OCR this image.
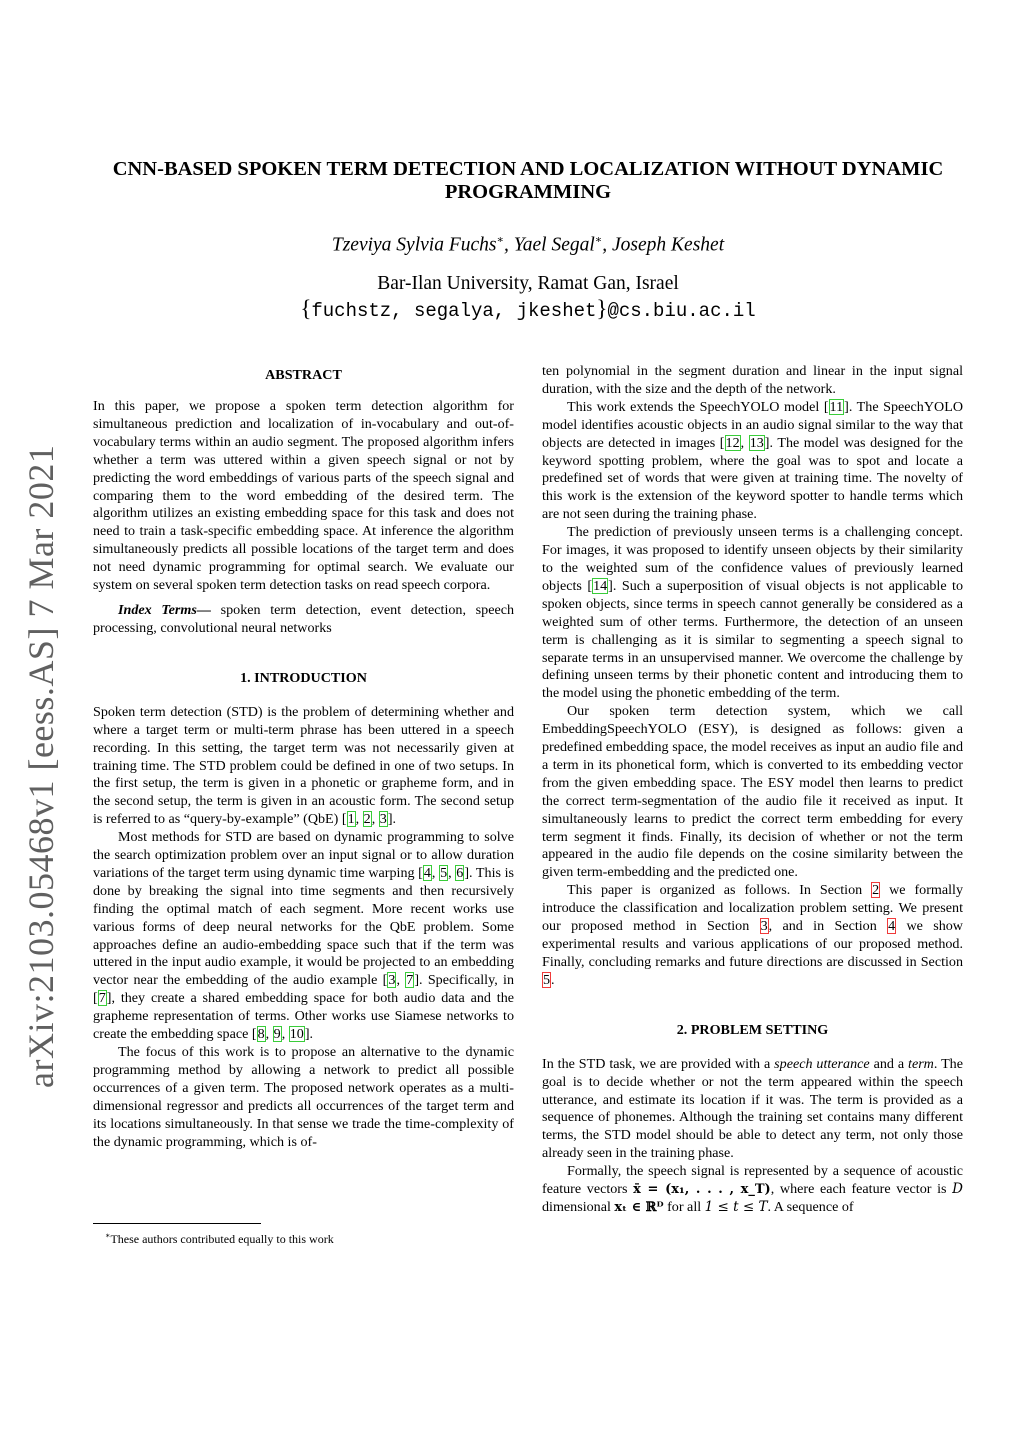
arXiv:2103.05468v1 [eess.AS] 7 Mar 2021
CNN-BASED SPOKEN TERM DETECTION AND LOCALIZATION WITHOUT DYNAMIC
PROGRAMMING
Tzeviya Sylvia Fuchs∗, Yael Segal∗, Joseph Keshet
Bar-Ilan University, Ramat Gan, Israel
{fuchstz, segalya, jkeshet}@cs.biu.ac.il
ABSTRACT

In this paper, we propose a spoken term detection algorithm for simultaneous prediction and localization of in-vocabulary and out-of-vocabulary terms within an audio segment. The proposed algorithm infers whether a term was uttered within a given speech signal or not by predicting the word embeddings of various parts of the speech signal and comparing them to the word embedding of the desired term. The algorithm utilizes an existing embedding space for this task and does not need to train a task-specific embedding space. At inference the algorithm simultaneously predicts all possible locations of the target term and does not need dynamic programming for optimal search. We evaluate our system on several spoken term detection tasks on read speech corpora.

Index Terms— spoken term detection, event detection, speech processing, convolutional neural networks

1. INTRODUCTION

Spoken term detection (STD) is the problem of determining whether and where a target term or multi-term phrase has been uttered in a speech recording. In this setting, the target term was not necessarily given at training time. The STD problem could be defined in one of two setups. In the first setup, the term is given in a phonetic or grapheme form, and in the second setup, the term is given in an acoustic form. The second setup is referred to as “query-by-example” (QbE) [1, 2, 3].

Most methods for STD are based on dynamic programming to solve the search optimization problem over an input signal or to allow duration variations of the target term using dynamic time warping [4, 5, 6]. This is done by breaking the signal into time segments and then recursively finding the optimal match of each segment. More recent works use various forms of deep neural networks for the QbE problem. Some approaches define an audio-embedding space such that if the term was uttered in the input audio example, it would be projected to an embedding vector near the embedding of the audio example [3, 7]. Specifically, in [7], they create a shared embedding space for both audio data and the grapheme representation of terms. Other works use Siamese networks to create the embedding space [8, 9, 10].

The focus of this work is to propose an alternative to the dynamic programming method by allowing a network to predict all possible occurrences of a given term. The proposed network operates as a multi-dimensional regressor and predicts all occurrences of the target term and its locations simultaneously. In that sense we trade the time-complexity of the dynamic programming, which is of-

∗These authors contributed equally to this work

ten polynomial in the segment duration and linear in the input signal duration, with the size and the depth of the network.

This work extends the SpeechYOLO model [11]. The SpeechYOLO model identifies acoustic objects in an audio signal similar to the way that objects are detected in images [12, 13]. The model was designed for the keyword spotting problem, where the goal was to spot and locate a predefined set of words that were given at training time. The novelty of this work is the extension of the keyword spotter to handle terms which are not seen during the training phase.

The prediction of previously unseen terms is a challenging concept. For images, it was proposed to identify unseen objects by their similarity to the weighted sum of the confidence values of previously learned objects [14]. Such a superposition of visual objects is not applicable to spoken objects, since terms in speech cannot generally be considered as a weighted sum of other terms. Furthermore, the detection of an unseen term is challenging as it is similar to segmenting a speech signal to separate terms in an unsupervised manner. We overcome the challenge by defining unseen terms by their phonetic content and introducing them to the model using the phonetic embedding of the term.

Our spoken term detection system, which we call EmbeddingSpeechYOLO (ESY), is designed as follows: given a predefined embedding space, the model receives as input an audio file and a term in its phonetical form, which is converted to its embedding vector from the given embedding space. The ESY model then learns to predict the correct term-segmentation of the audio file it received as input. It simultaneously learns to predict the correct term embedding for every term segment it finds. Finally, its decision of whether or not the term appeared in the audio file depends on the cosine similarity between the given term-embedding and the predicted one.

This paper is organized as follows. In Section 2 we formally introduce the classification and localization problem setting. We present our proposed method in Section 3, and in Section 4 we show experimental results and various applications of our proposed method. Finally, concluding remarks and future directions are discussed in Section 5.

2. PROBLEM SETTING

In the STD task, we are provided with a speech utterance and a term. The goal is to decide whether or not the term appeared within the speech utterance, and estimate its location if it was. The term is provided as a sequence of phonemes. Although the training set contains many different terms, the STD model should be able to detect any term, not only those already seen in the training phase.

Formally, the speech signal is represented by a sequence of acoustic feature vectors x̄ = (x₁, . . . , x_T), where each feature vector is D dimensional xₜ ∈ ℝᴰ for all 1 ≤ t ≤ T. A sequence of
